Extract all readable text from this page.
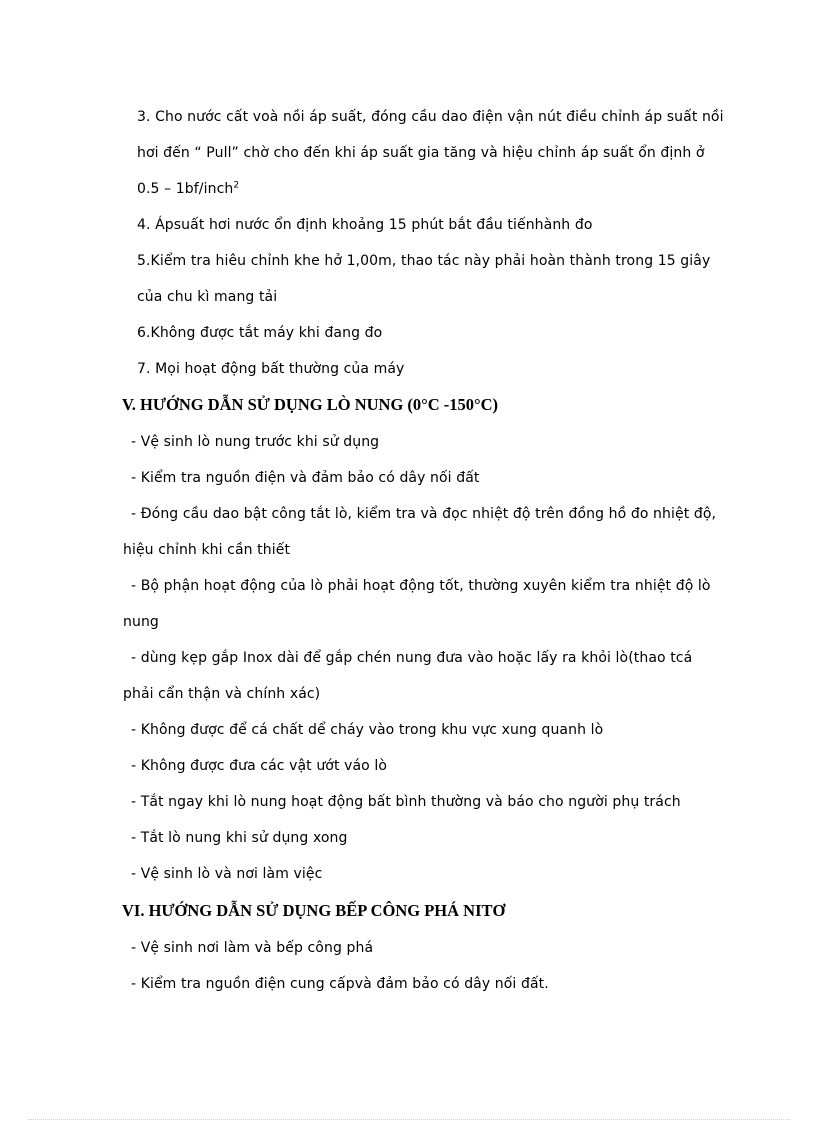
3. Cho nước cất voà nồi áp suất, đóng cầu dao điện vận nút điều chỉnh áp suất nồi
hơi đến “ Pull” chờ cho đến khi áp suất gia tăng và hiệu chỉnh áp suất ổn định ở
0.5 – 1bf/inch$^2$
4. Ápsuất hơi nước ổn định khoảng 15 phút bắt đầu tiếnhành đo
5.Kiểm tra hiêu chỉnh khe hở 1,00m, thao tác này phải hoàn thành trong 15 giây
của chu kì mang tải
6.Không được tắt máy khi đang đo
7. Mọi hoạt động bất thường của máy
V. HƯỚNG DẪN SỬ DỤNG LÒ NUNG (0°C -150°C)
- Vệ sinh lò nung trước khi sử dụng
- Kiểm tra nguồn điện và đảm bảo có dây nối đất
- Đóng cầu dao bật công tắt lò, kiểm tra và đọc nhiệt độ trên đồng hồ đo nhiệt độ,
hiệu chỉnh khi cần thiết
- Bộ phận hoạt động của lò phải hoạt động tốt, thường xuyên kiểm tra nhiệt độ lò
nung
- dùng kẹp gắp Inox dài để gắp chén nung đưa vào hoặc lấy ra khỏi lò(thao tcá
phải cẩn thận và chính xác)
- Không được để cá chất dể cháy vào trong khu vực xung quanh lò
- Không được đưa các vật ướt váo lò
- Tắt ngay khi lò nung hoạt động bất bình thường và báo cho người phụ trách
- Tắt lò nung khi sử dụng xong
- Vệ sinh lò và nơi làm việc
VI. HƯỚNG DẪN SỬ DỤNG BẾP CÔNG PHÁ NITƠ
- Vệ sinh nơi làm và bếp công phá
- Kiểm tra nguồn điện cung cấpvà đảm bảo có dây nối đất.
